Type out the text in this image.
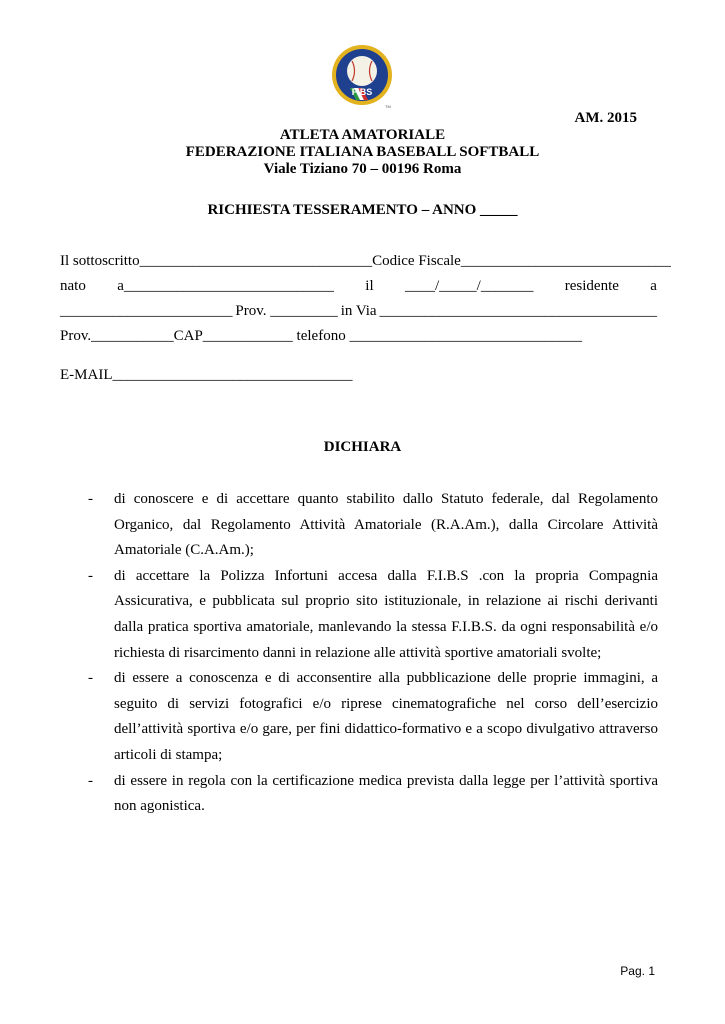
FIBS
TM
AM. 2015
ATLETA AMATORIALE
FEDERAZIONE ITALIANA BASEBALL SOFTBALL
Viale Tiziano 70 – 00196 Roma
RICHIESTA TESSERAMENTO – ANNO _____
Il sottoscritto_______________________________ Codice Fiscale ____________________________
nato a____________________________ il ____/_____/_______ residente a
_______________________ Prov. _________ in Via _____________________________________
Prov.___________CAP____________ telefono _______________________________
E-MAIL________________________________
DICHIARA
-	di conoscere e di accettare quanto stabilito dallo Statuto federale, dal Regolamento Organico, dal Regolamento Attività Amatoriale (R.A.Am.), dalla Circolare Attività Amatoriale (C.A.Am.);
-	di accettare la Polizza Infortuni accesa dalla F.I.B.S .con la propria Compagnia Assicurativa, e pubblicata sul proprio sito istituzionale, in relazione ai rischi derivanti dalla pratica sportiva amatoriale, manlevando la stessa F.I.B.S. da ogni responsabilità e/o richiesta di risarcimento danni in relazione alle attività sportive amatoriali svolte;
-	di essere a conoscenza e di acconsentire alla pubblicazione delle proprie immagini, a seguito di servizi fotografici e/o riprese cinematografiche nel corso dell’esercizio dell’attività sportiva e/o gare, per fini didattico-formativo e a scopo divulgativo attraverso articoli di stampa;
-	di essere in regola con la certificazione medica prevista dalla legge per l’attività sportiva non agonistica.
Pag. 1
